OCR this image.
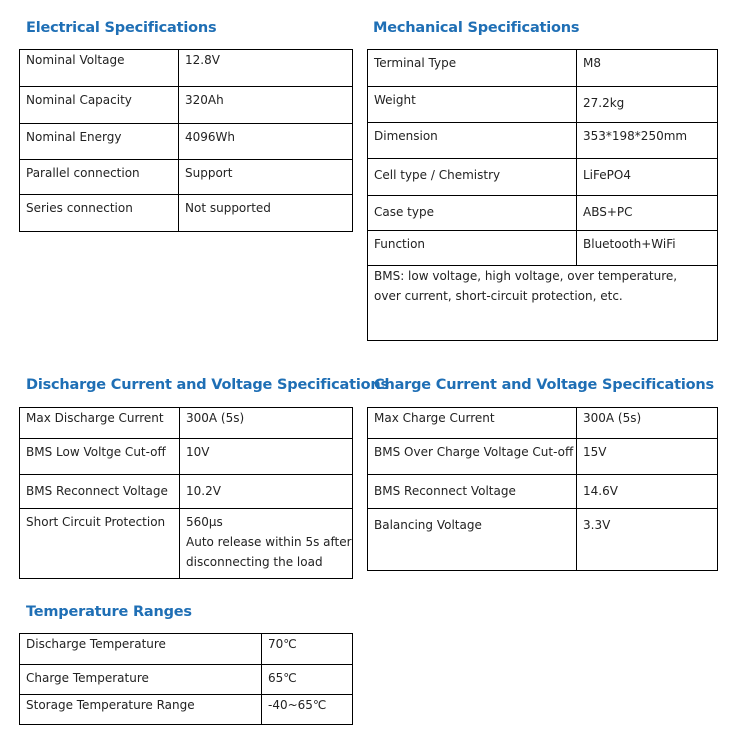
Electrical Specifications
Nominal Voltage	12.8V
Nominal Capacity	320Ah
Nominal Energy	4096Wh
Parallel connection	Support
Series connection	Not supported
Mechanical Specifications
Terminal Type	M8
Weight	27.2kg
Dimension	353*198*250mm
Cell type / Chemistry	LiFePO4
Case type	ABS+PC
Function	Bluetooth+WiFi

BMS: low voltage, high voltage, over temperature,
over current, short-circuit protection, etc.	
Discharge Current and Voltage Specifications
Max Discharge Current	300A (5s)
BMS Low Voltge Cut-off	10V
BMS Reconnect Voltage	10.2V
Short Circuit Protection	560µs
Auto release within 5s after
disconnecting the load
Charge Current and Voltage Specifications
Max Charge Current	300A (5s)
BMS Over Charge Voltage Cut-off	15V
BMS Reconnect Voltage	14.6V
Balancing Voltage	3.3V
Temperature Ranges
Discharge Temperature	70℃
Charge Temperature	65℃
Storage Temperature Range	-40~65℃
